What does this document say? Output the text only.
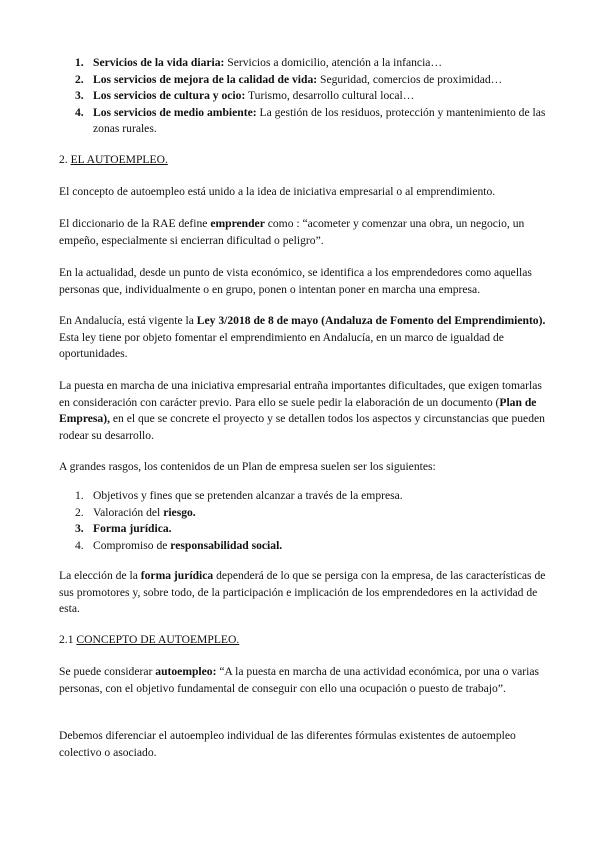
1. Servicios de la vida diaria: Servicios a domicilio, atención a la infancia…
2. Los servicios de mejora de la calidad de vida: Seguridad, comercios de proximidad…
3. Los servicios de cultura y ocio: Turismo, desarrollo cultural local…
4. Los servicios de medio ambiente: La gestión de los residuos, protección y mantenimiento de las zonas rurales.

2. EL AUTOEMPLEO.

El concepto de autoempleo está unido a la idea de iniciativa empresarial o al emprendimiento.

El diccionario de la RAE define emprender como : “acometer y comenzar una obra, un negocio, un empeño, especialmente si encierran dificultad o peligro”.

En la actualidad, desde un punto de vista económico, se identifica a los emprendedores como aquellas personas que, individualmente o en grupo, ponen o intentan poner en marcha una empresa.

En Andalucía, está vigente la Ley 3/2018 de 8 de mayo (Andaluza de Fomento del Emprendimiento). Esta ley tiene por objeto fomentar el emprendimiento en Andalucía, en un marco de igualdad de oportunidades.

La puesta en marcha de una iniciativa empresarial entraña importantes dificultades, que exigen tomarlas en consideración con carácter previo. Para ello se suele pedir la elaboración de un documento (Plan de Empresa), en el que se concrete el proyecto y se detallen todos los aspectos y circunstancias que pueden rodear su desarrollo.

A grandes rasgos, los contenidos de un Plan de empresa suelen ser los siguientes:

1. Objetivos y fines que se pretenden alcanzar a través de la empresa.
2. Valoración del riesgo.
3. Forma jurídica.
4. Compromiso de responsabilidad social.

La elección de la forma jurídica dependerá de lo que se persiga con la empresa, de las características de sus promotores y, sobre todo, de la participación e implicación de los emprendedores en la actividad de esta.

2.1 CONCEPTO DE AUTOEMPLEO.

Se puede considerar autoempleo: “A la puesta en marcha de una actividad económica, por una o varias personas, con el objetivo fundamental de conseguir con ello una ocupación o puesto de trabajo”.

Debemos diferenciar el autoempleo individual de las diferentes fórmulas existentes de autoempleo colectivo o asociado.
